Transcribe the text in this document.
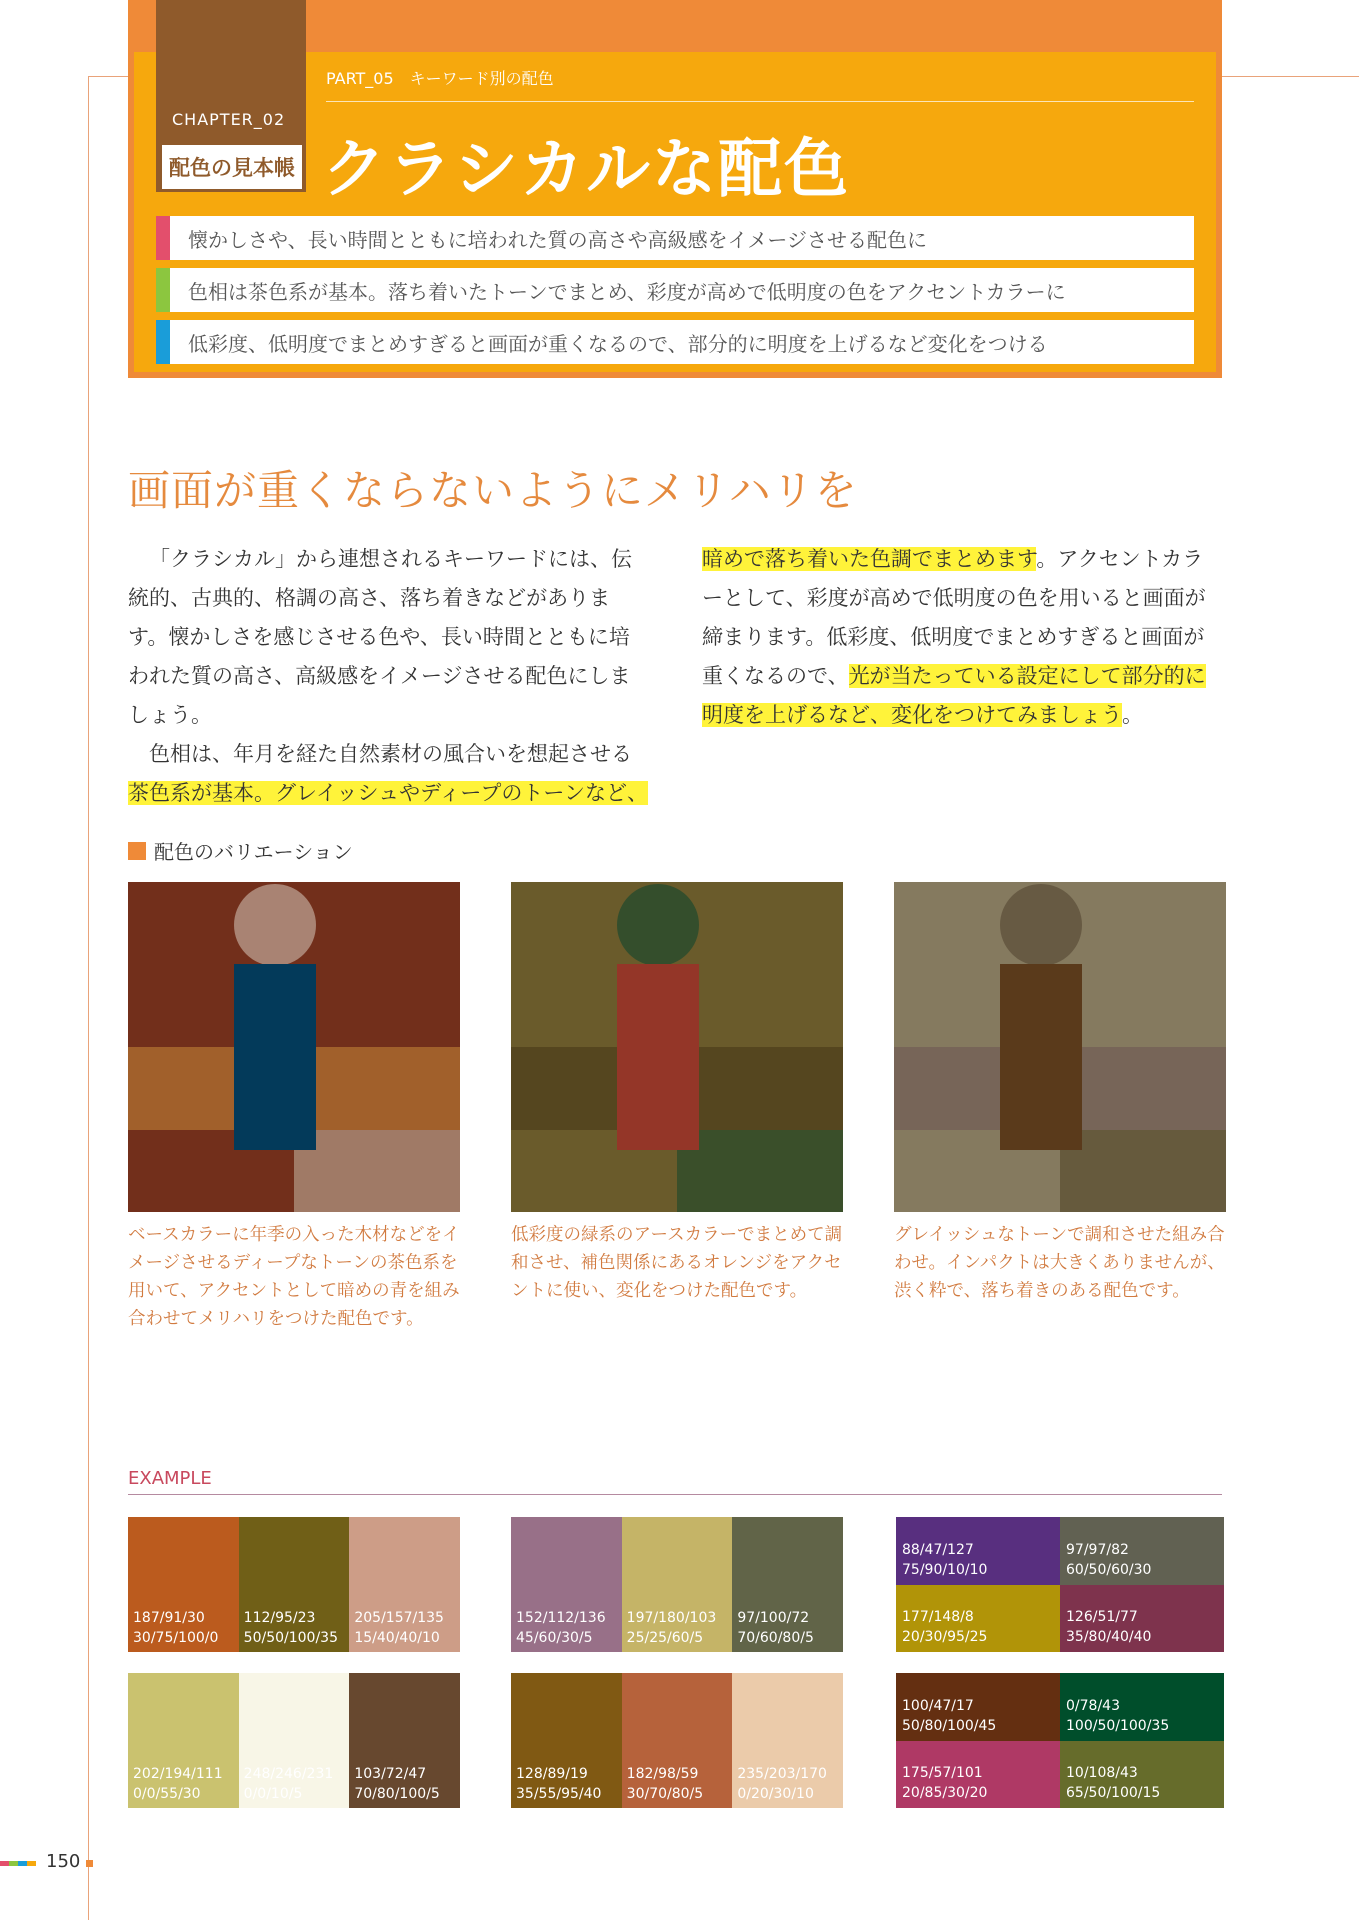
CHAPTER_02
配色の見本帳
PART_05　キーワード別の配色
クラシカルな配色
懐かしさや、長い時間とともに培われた質の高さや高級感をイメージさせる配色に
色相は茶色系が基本。落ち着いたトーンでまとめ、彩度が高めで低明度の色をアクセントカラーに
低彩度、低明度でまとめすぎると画面が重くなるので、部分的に明度を上げるなど変化をつける
画面が重くならないようにメリハリを
「クラシカル」から連想されるキーワードには、伝統的、古典的、格調の高さ、落ち着きなどがあります。懐かしさを感じさせる色や、長い時間とともに培われた質の高さ、高級感をイメージさせる配色にしましょう。
色相は、年月を経た自然素材の風合いを想起させる茶色系が基本。グレイッシュやディープのトーンなど、
暗めで落ち着いた色調でまとめます。アクセントカラーとして、彩度が高めで低明度の色を用いると画面が締まります。低彩度、低明度でまとめすぎると画面が重くなるので、光が当たっている設定にして部分的に明度を上げるなど、変化をつけてみましょう。
配色のバリエーション
ベースカラーに年季の入った木材などをイメージさせるディープなトーンの茶色系を用いて、アクセントとして暗めの青を組み合わせてメリハリをつけた配色です。
低彩度の緑系のアースカラーでまとめて調和させ、補色関係にあるオレンジをアクセントに使い、変化をつけた配色です。
グレイッシュなトーンで調和させた組み合わせ。インパクトは大きくありませんが、渋く粋で、落ち着きのある配色です。
EXAMPLE
187/91/30
30/75/100/0
112/95/23
50/50/100/35
205/157/135
15/40/40/10
152/112/136
45/60/30/5
197/180/103
25/25/60/5
97/100/72
70/60/80/5
202/194/111
0/0/55/30
248/246/231
0/0/10/5
103/72/47
70/80/100/5
128/89/19
35/55/95/40
182/98/59
30/70/80/5
235/203/170
0/20/30/10
88/47/127
75/90/10/10
97/97/82
60/50/60/30
177/148/8
20/30/95/25
126/51/77
35/80/40/40
100/47/17
50/80/100/45
0/78/43
100/50/100/35
175/57/101
20/85/30/20
10/108/43
65/50/100/15
150
